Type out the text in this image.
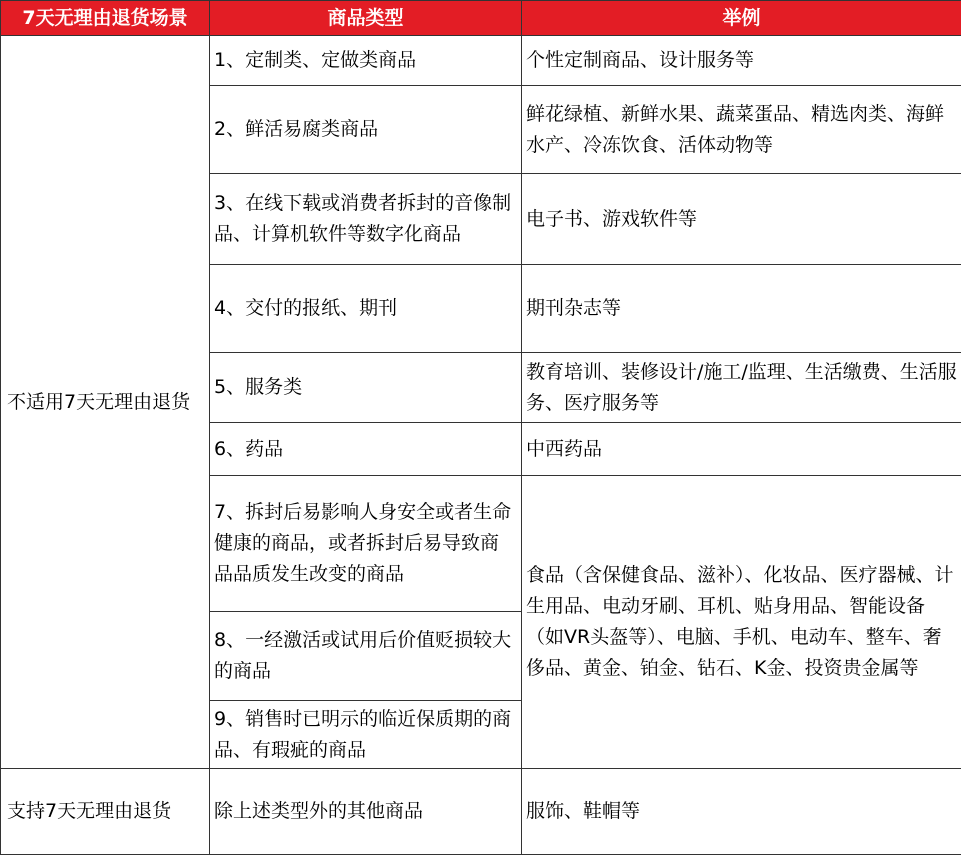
7天无理由退货场景	商品类型	举例
不适用7天无理由退货	1、定制类、定做类商品	个性定制商品、设计服务等
	2、鲜活易腐类商品	鲜花绿植、新鲜水果、蔬菜蛋品、精选肉类、海鲜水产、冷冻饮食、活体动物等
	3、在线下载或消费者拆封的音像制品、计算机软件等数字化商品	电子书、游戏软件等
	4、交付的报纸、期刊	期刊杂志等
	5、服务类	教育培训、装修设计/施工/监理、生活缴费、生活服务、医疗服务等
	6、药品	中西药品
	7、拆封后易影响人身安全或者生命健康的商品，或者拆封后易导致商品品质发生改变的商品	食品（含保健食品、滋补）、化妆品、医疗器械、计生用品、电动牙刷、耳机、贴身用品、智能设备（如VR头盔等）、电脑、手机、电动车、整车、奢侈品、黄金、铂金、钻石、K金、投资贵金属等
	8、一经激活或试用后价值贬损较大的商品	
	9、销售时已明示的临近保质期的商品、有瑕疵的商品	
支持7天无理由退货	除上述类型外的其他商品	服饰、鞋帽等
